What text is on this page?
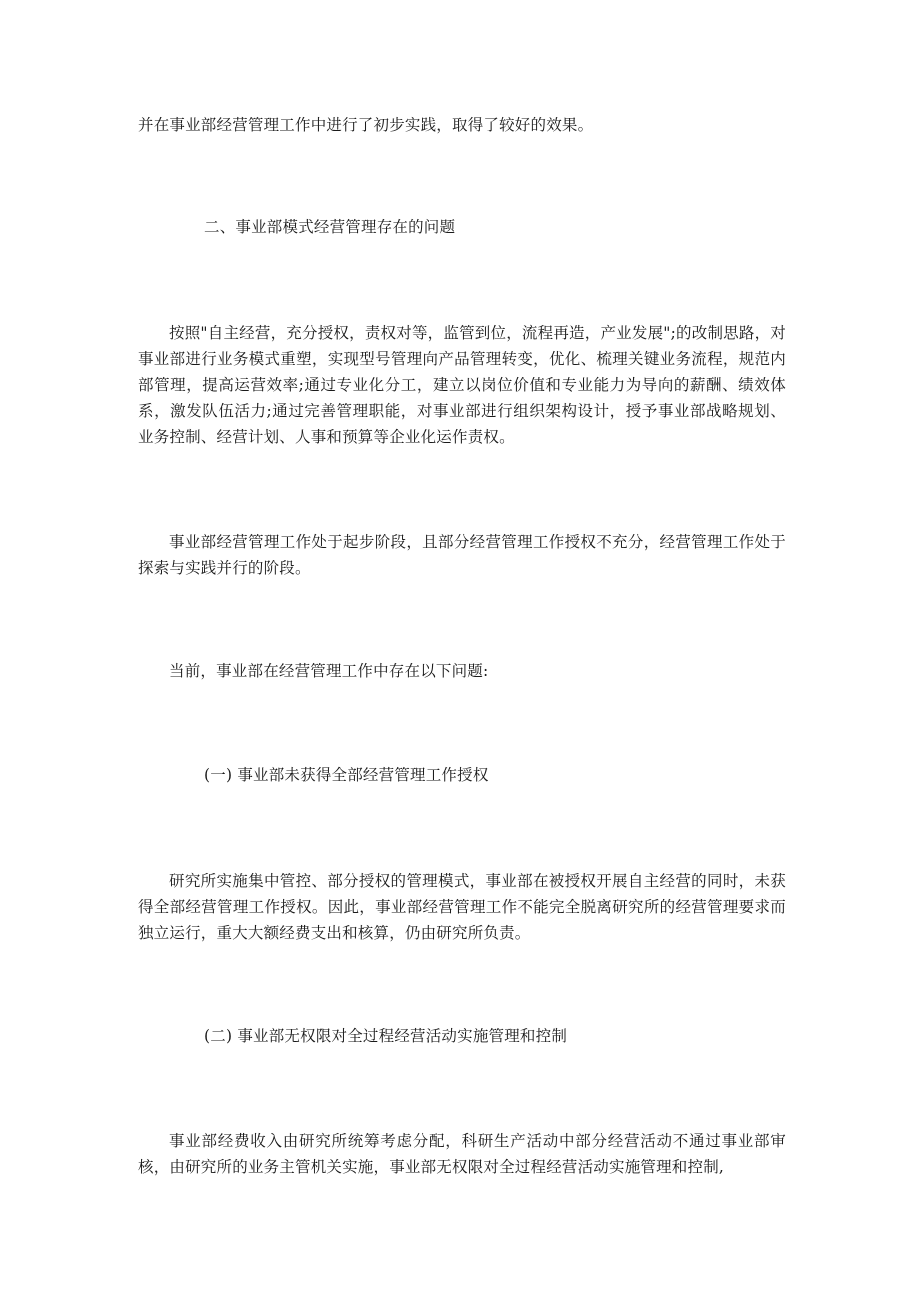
并在事业部经营管理工作中进行了初步实践，取得了较好的效果。

二、事业部模式经营管理存在的问题

按照"自主经营，充分授权，责权对等，监管到位，流程再造，产业发展";的改制思路，对事业部进行业务模式重塑，实现型号管理向产品管理转变，优化、梳理关键业务流程，规范内部管理，提高运营效率;通过专业化分工，建立以岗位价值和专业能力为导向的薪酬、绩效体系，激发队伍活力;通过完善管理职能，对事业部进行组织架构设计，授予事业部战略规划、业务控制、经营计划、人事和预算等企业化运作责权。

事业部经营管理工作处于起步阶段，且部分经营管理工作授权不充分，经营管理工作处于探索与实践并行的阶段。

当前，事业部在经营管理工作中存在以下问题:

(一) 事业部未获得全部经营管理工作授权

研究所实施集中管控、部分授权的管理模式，事业部在被授权开展自主经营的同时，未获得全部经营管理工作授权。因此，事业部经营管理工作不能完全脱离研究所的经营管理要求而独立运行，重大大额经费支出和核算，仍由研究所负责。

(二) 事业部无权限对全过程经营活动实施管理和控制

事业部经费收入由研究所统筹考虑分配，科研生产活动中部分经营活动不通过事业部审核，由研究所的业务主管机关实施，事业部无权限对全过程经营活动实施管理和控制,
